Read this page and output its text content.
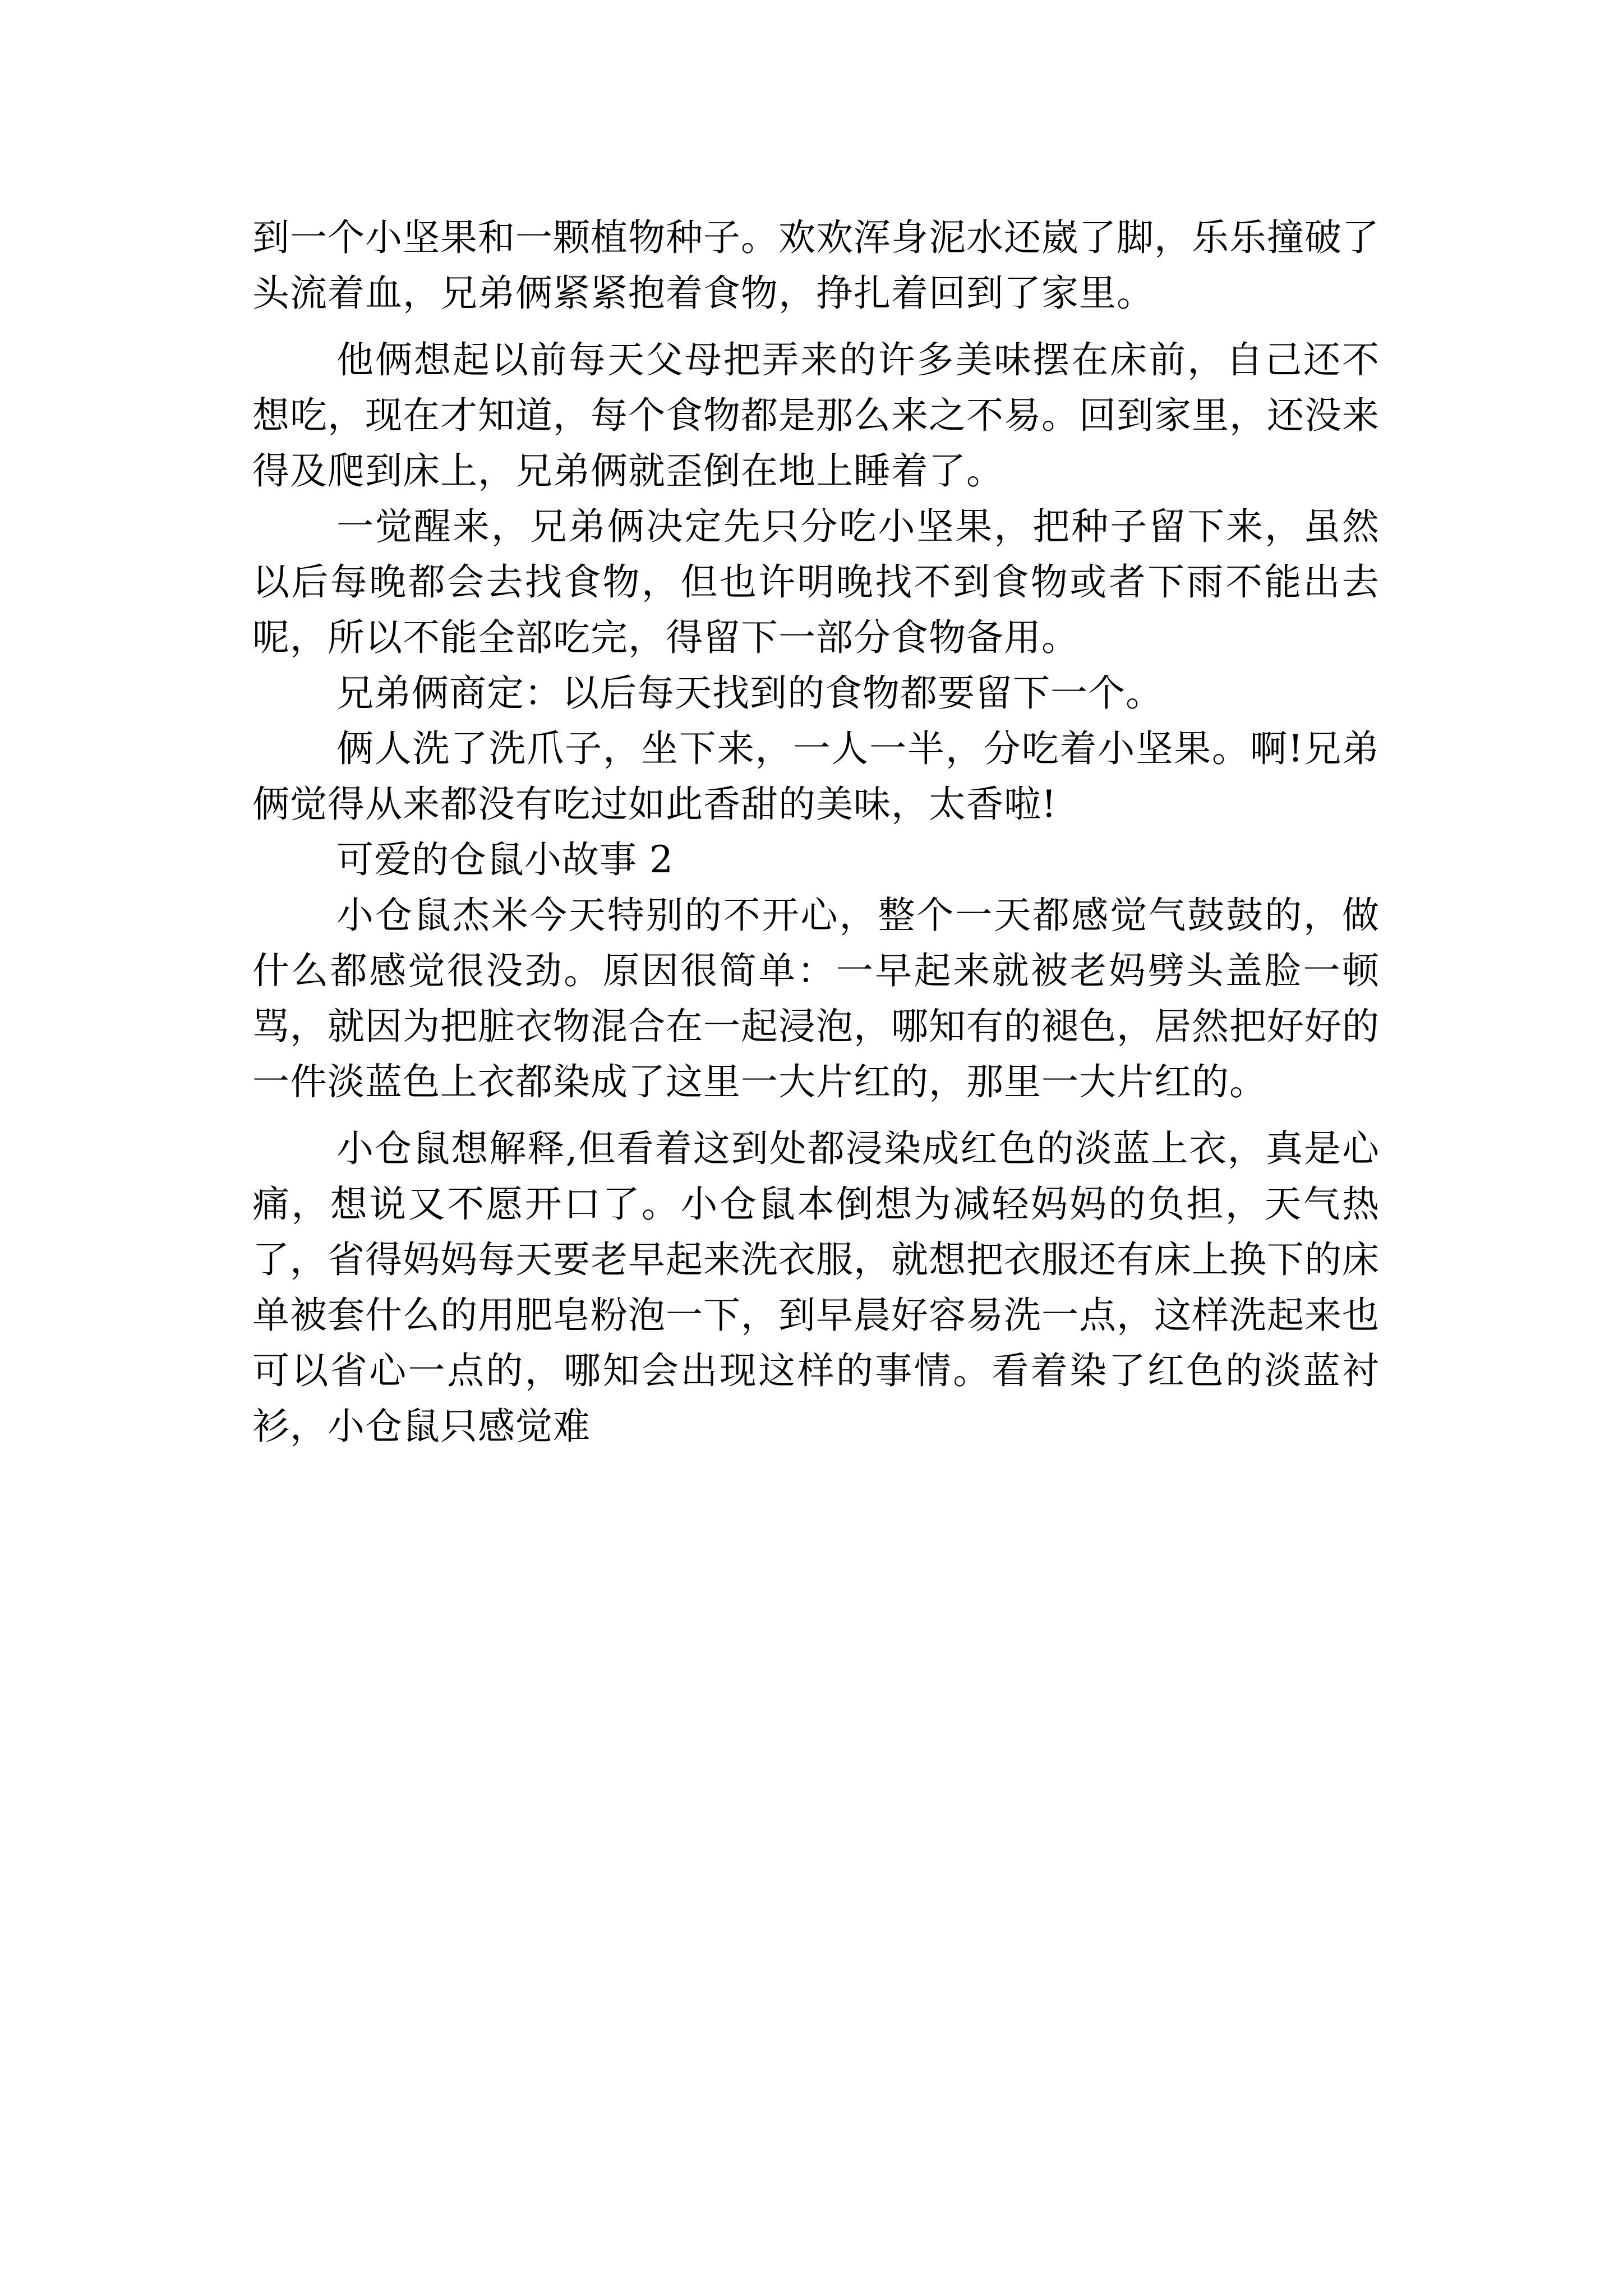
到一个小坚果和一颗植物种子。欢欢浑身泥水还崴了脚，乐乐撞破了头流着血，兄弟俩紧紧抱着食物，挣扎着回到了家里。

他俩想起以前每天父母把弄来的许多美味摆在床前，自己还不想吃，现在才知道，每个食物都是那么来之不易。回到家里，还没来得及爬到床上，兄弟俩就歪倒在地上睡着了。

一觉醒来，兄弟俩决定先只分吃小坚果，把种子留下来，虽然以后每晚都会去找食物，但也许明晚找不到食物或者下雨不能出去呢，所以不能全部吃完，得留下一部分食物备用。

兄弟俩商定：以后每天找到的食物都要留下一个。

俩人洗了洗爪子，坐下来，一人一半，分吃着小坚果。啊!兄弟俩觉得从来都没有吃过如此香甜的美味，太香啦!

可爱的仓鼠小故事 2

小仓鼠杰米今天特别的不开心，整个一天都感觉气鼓鼓的，做什么都感觉很没劲。原因很简单：一早起来就被老妈劈头盖脸一顿骂，就因为把脏衣物混合在一起浸泡，哪知有的褪色，居然把好好的一件淡蓝色上衣都染成了这里一大片红的，那里一大片红的。

小仓鼠想解释,但看着这到处都浸染成红色的淡蓝上衣，真是心痛，想说又不愿开口了。小仓鼠本倒想为减轻妈妈的负担，天气热了，省得妈妈每天要老早起来洗衣服，就想把衣服还有床上换下的床单被套什么的用肥皂粉泡一下，到早晨好容易洗一点，这样洗起来也可以省心一点的，哪知会出现这样的事情。看着染了红色的淡蓝衬衫，小仓鼠只感觉难
